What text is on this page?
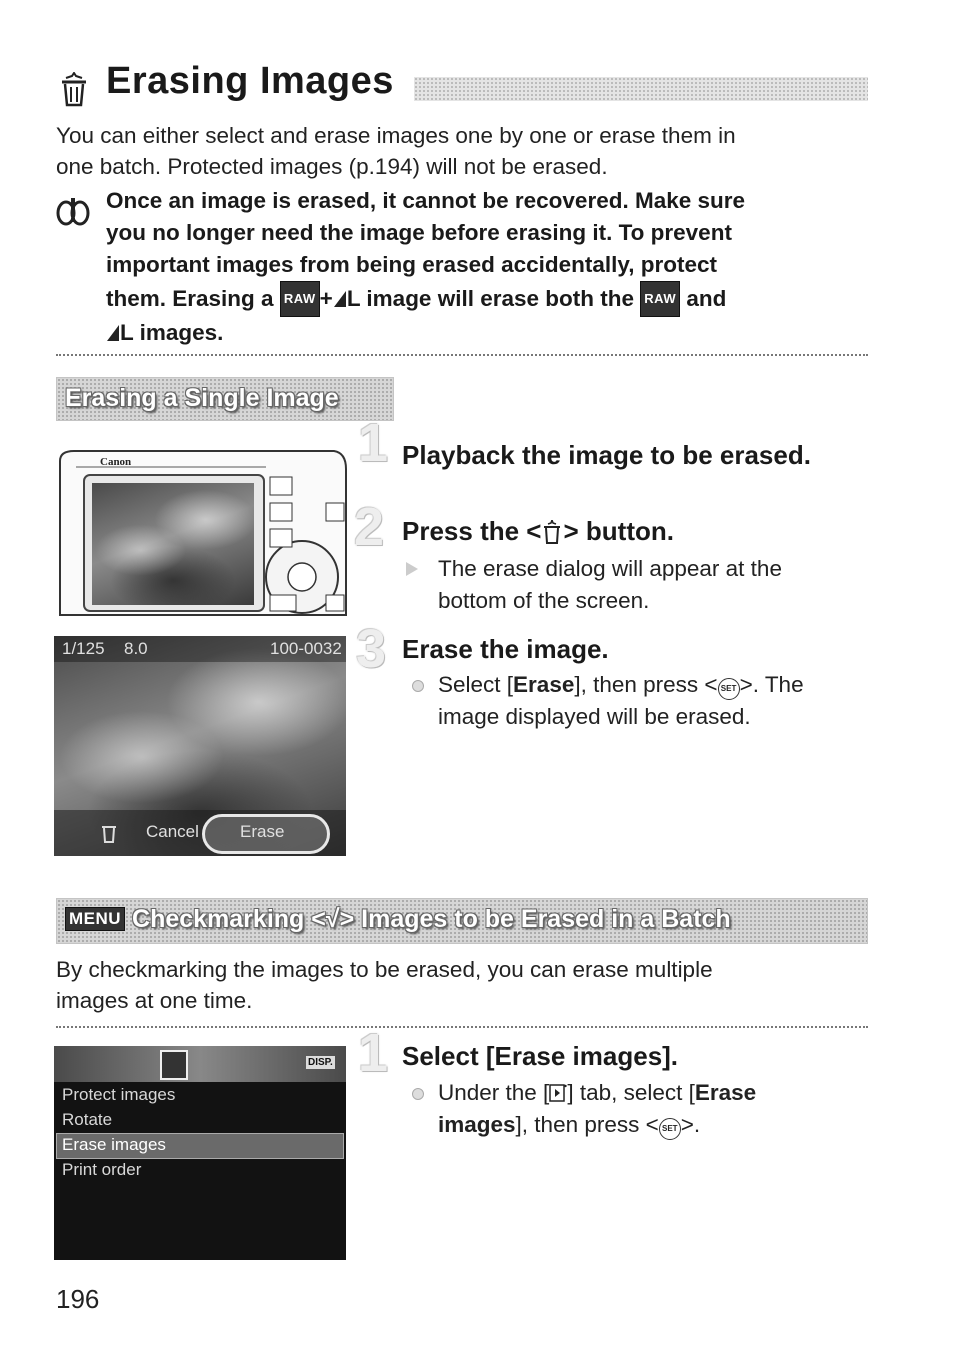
Erasing Images
You can either select and erase images one by one or erase them in
one batch. Protected images (p.194) will not be erased.
Once an image is erased, it cannot be recovered. Make sure
you no longer need the image before erasing it. To prevent
important images from being erased accidentally, protect
them. Erasing a RAW + L image will erase both the RAW and
L images.
Erasing a Single Image
Canon
1/125 8.0	100-0032
Cancel Erase
1 Playback the image to be erased.
2 Press the < > button.
The erase dialog will appear at the
bottom of the screen.
3 Erase the image.
Select [Erase], then press < SET >. The
image displayed will be erased.
MENU Checkmarking <√> Images to be Erased in a Batch
By checkmarking the images to be erased, you can erase multiple
images at one time.
DISP.
Protect images
Rotate
Erase images
Print order
1 Select [Erase images].
Under the [ ] tab, select [Erase
images], then press < SET >.
196
